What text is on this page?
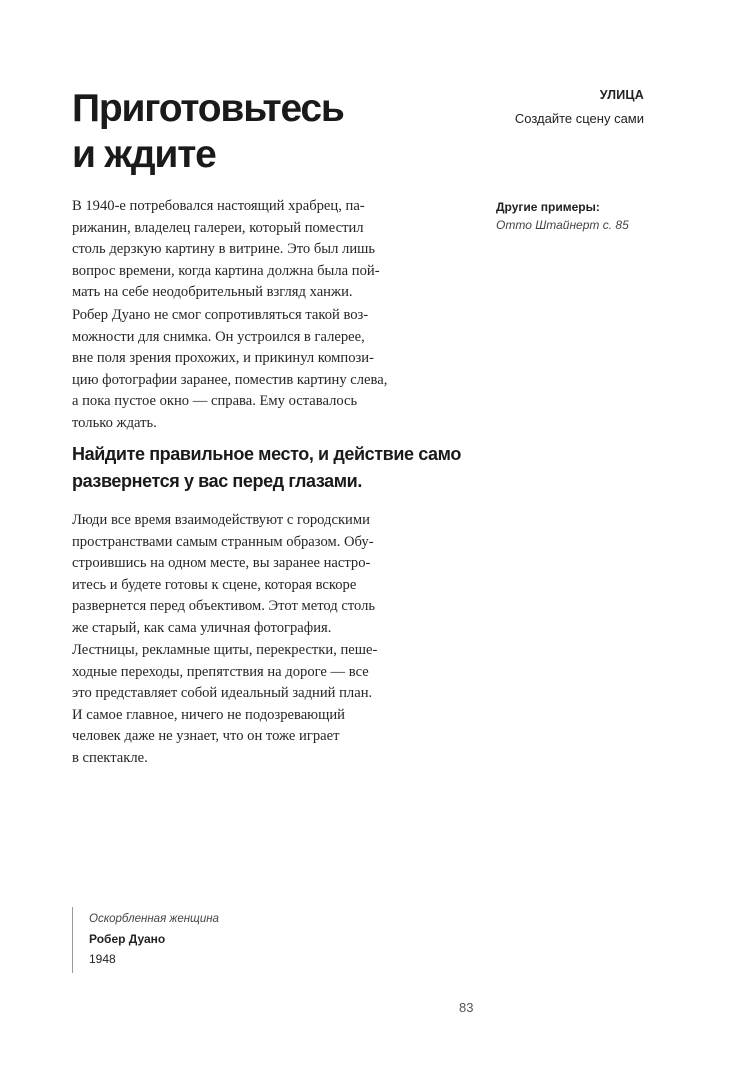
Приготовьтесь
и ждите
УЛИЦА
Создайте сцену сами
Другие примеры:
Отто Штайнерт с. 85

В 1940-е потребовался настоящий храбрец, па-
рижанин, владелец галереи, который поместил
столь дерзкую картину в витрине. Это был лишь
вопрос времени, когда картина должна была пой-
мать на себе неодобрительный взгляд ханжи.

Робер Дуано не смог сопротивляться такой воз-
можности для снимка. Он устроился в галерее,
вне поля зрения прохожих, и прикинул компози-
цию фотографии заранее, поместив картину слева,
а пока пустое окно — справа. Ему оставалось
только ждать.

Найдите правильное место, и действие само
развернется у вас перед глазами.

Люди все время взаимодействуют с городскими
пространствами самым странным образом. Обу-
строившись на одном месте, вы заранее настро-
итесь и будете готовы к сцене, которая вскоре
развернется перед объективом. Этот метод столь
же старый, как сама уличная фотография.

Лестницы, рекламные щиты, перекрестки, пеше-
ходные переходы, препятствия на дороге — все
это представляет собой идеальный задний план.
И самое главное, ничего не подозревающий
человек даже не узнает, что он тоже играет
в спектакле.

Оскорбленная женщина
Робер Дуано
1948
83
